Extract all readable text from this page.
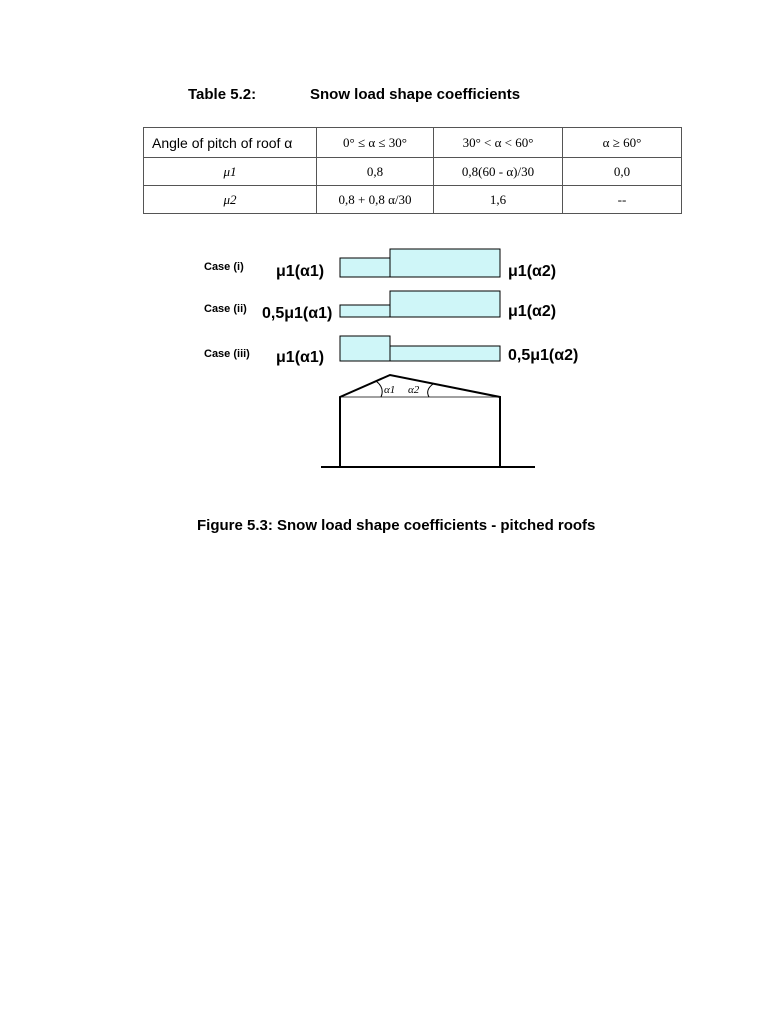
Table 5.2:	Snow load shape coefficients
Angle of pitch of roof α	0° ≤ α ≤ 30°	30° < α < 60°	α ≥ 60°
μ1	0,8	0,8(60 - α)/30	0,0
μ2	0,8 + 0,8 α/30	1,6	--
Case (i) μ1(α1)	μ1(α2)
Case (ii) 0,5μ1(α1)	μ1(α2)
Case (iii) μ1(α1)	0,5μ1(α2)
α1 α2
Figure 5.3: Snow load shape coefficients - pitched roofs
